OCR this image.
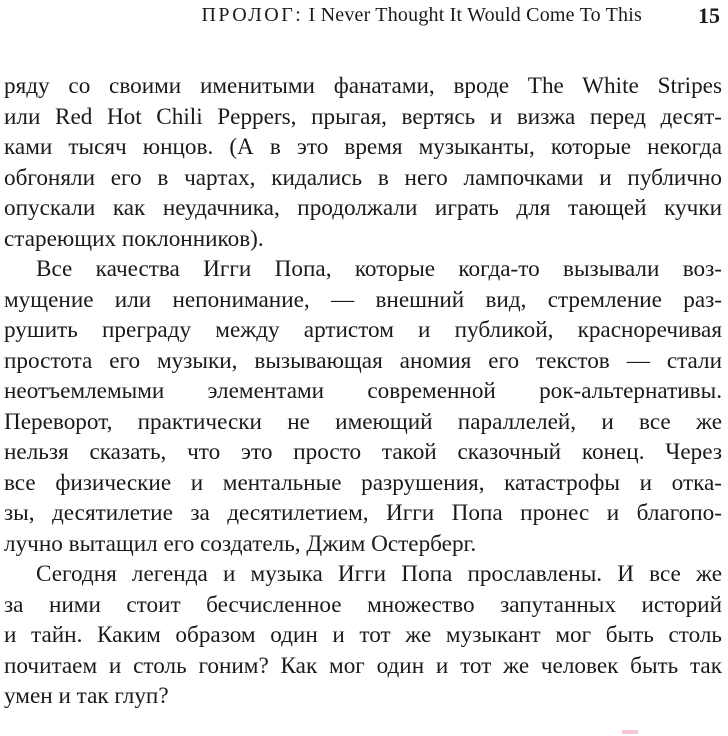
ПРОЛОГ: I Never Thought It Would Come To This	15
ряду со своими именитыми фанатами, вроде The White Stripes
или Red Hot Chili Peppers, прыгая, вертясь и визжа перед десят-
ками тысяч юнцов. (А в это время музыканты, которые некогда
обгоняли его в чартах, кидались в него лампочками и публично
опускали как неудачника, продолжали играть для тающей кучки
стареющих поклонников).
Все качества Игги Попа, которые когда-то вызывали воз-
мущение или непонимание, — внешний вид, стремление раз-
рушить преграду между артистом и публикой, красноречивая
простота его музыки, вызывающая аномия его текстов — стали
неотъемлемыми элементами современной рок-альтернативы.
Переворот, практически не имеющий параллелей, и все же
нельзя сказать, что это просто такой сказочный конец. Через
все физические и ментальные разрушения, катастрофы и отка-
зы, десятилетие за десятилетием, Игги Попа пронес и благопо-
лучно вытащил его создатель, Джим Остерберг.
Сегодня легенда и музыка Игги Попа прославлены. И все же
за ними стоит бесчисленное множество запутанных историй
и тайн. Каким образом один и тот же музыкант мог быть столь
почитаем и столь гоним? Как мог один и тот же человек быть так
умен и так глуп?
